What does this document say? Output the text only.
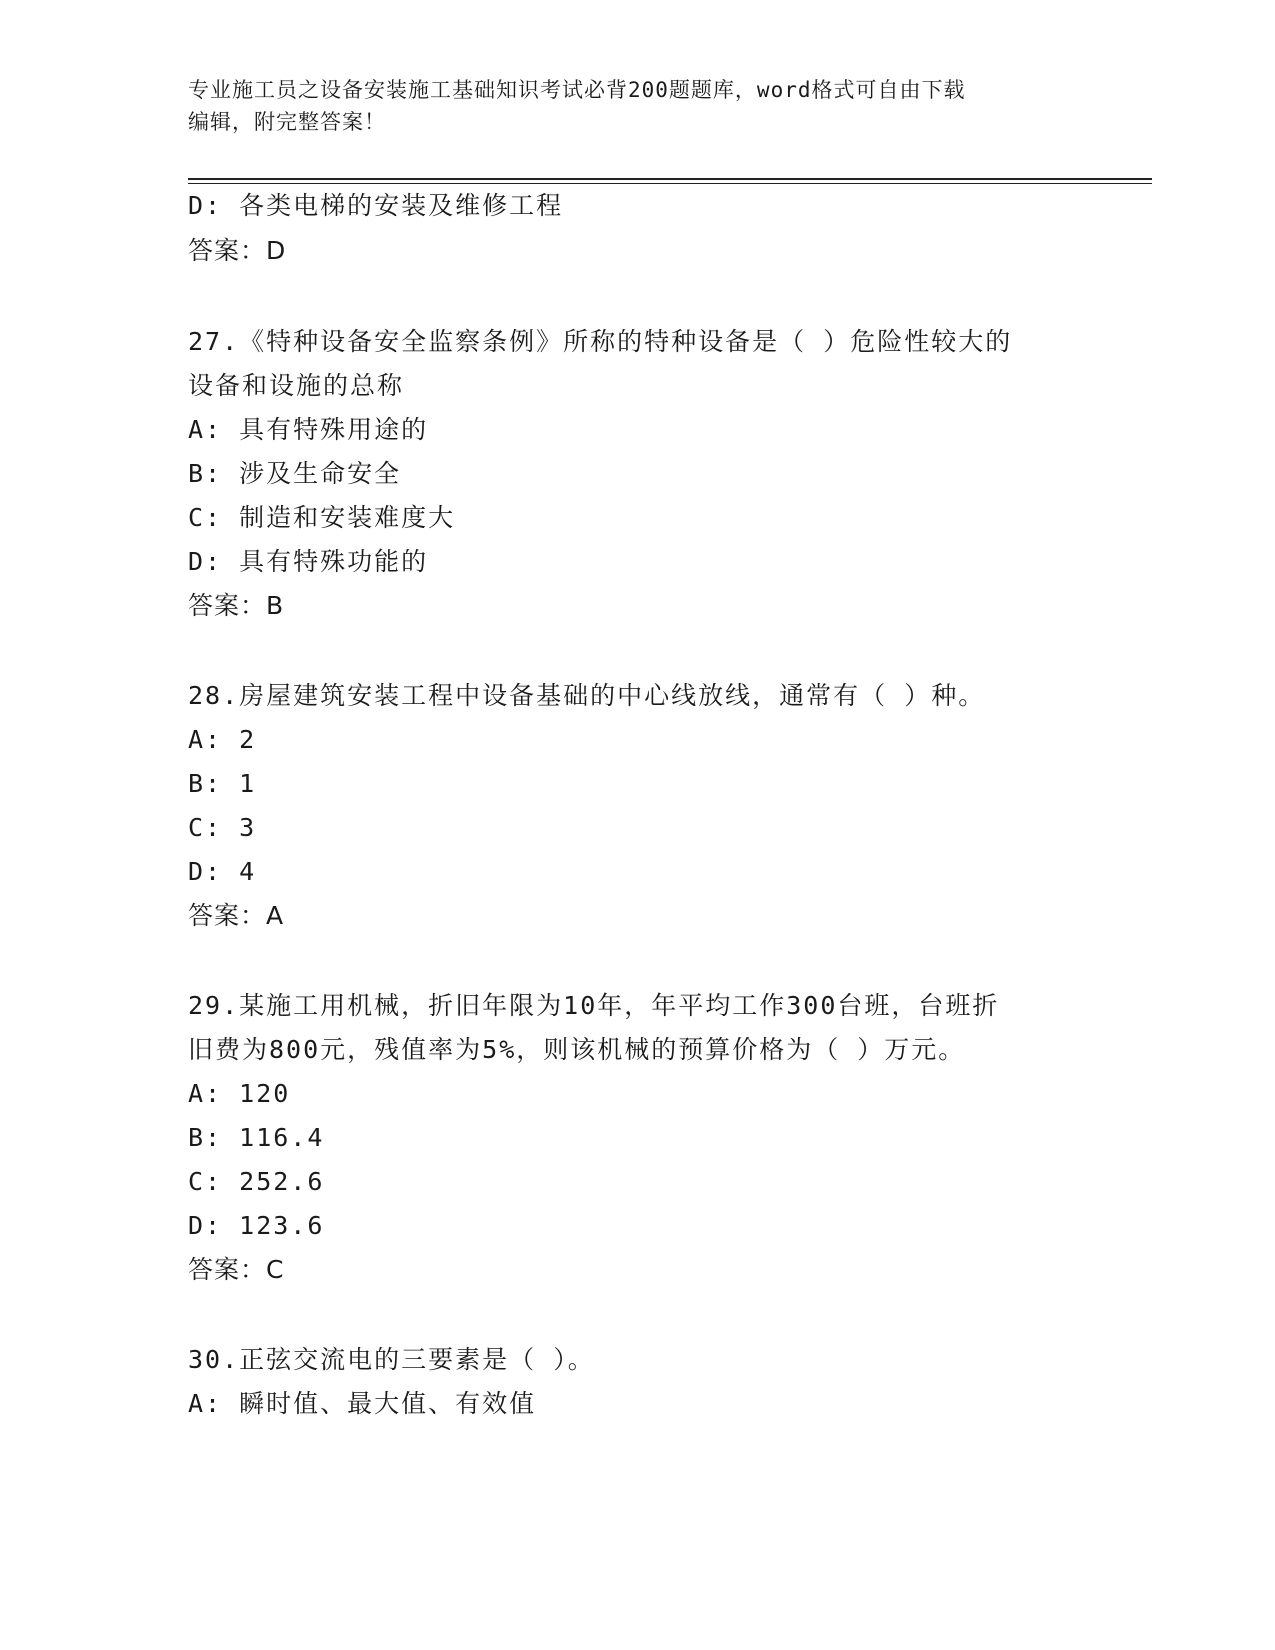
专业施工员之设备安装施工基础知识考试必背200题题库，word格式可自由下载
编辑，附完整答案！
D: 各类电梯的安装及维修工程
答案：D
27.《特种设备安全监察条例》所称的特种设备是（ ）危险性较大的
设备和设施的总称
A: 具有特殊用途的
B: 涉及生命安全
C: 制造和安装难度大
D: 具有特殊功能的
答案：B
28.房屋建筑安装工程中设备基础的中心线放线，通常有（ ）种。
A: 2
B: 1
C: 3
D: 4
答案：A
29.某施工用机械，折旧年限为10年，年平均工作300台班，台班折
旧费为800元，残值率为5%，则该机械的预算价格为（ ）万元。
A: 120
B: 116.4
C: 252.6
D: 123.6
答案：C
30.正弦交流电的三要素是（ ）。
A: 瞬时值、最大值、有效值
